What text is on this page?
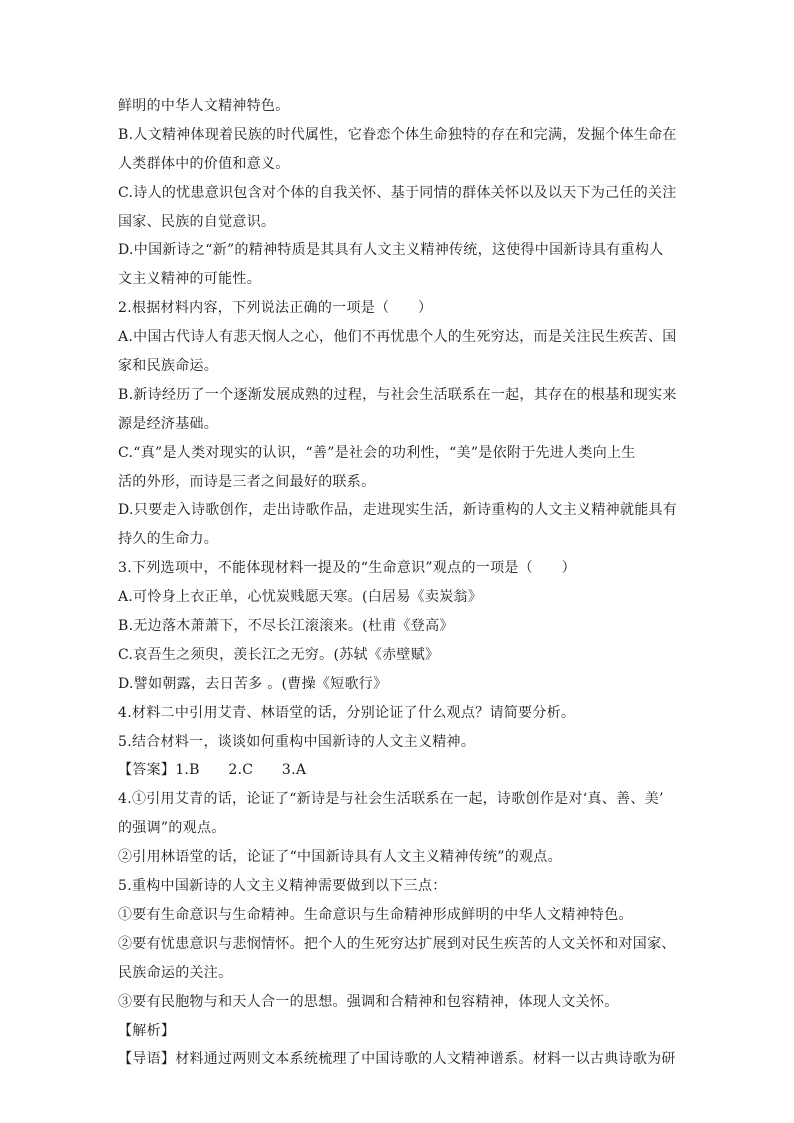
鲜明的中华人文精神特色。
B.人文精神体现着民族的时代属性，它眷恋个体生命独特的存在和完满，发掘个体生命在
人类群体中的价值和意义。
C.诗人的忧患意识包含对个体的自我关怀、基于同情的群体关怀以及以天下为己任的关注
国家、民族的自觉意识。
D.中国新诗之“新”的精神特质是其具有人文主义精神传统，这使得中国新诗具有重构人
文主义精神的可能性。
2.根据材料内容，下列说法正确的一项是（　　）
A.中国古代诗人有悲天悯人之心，他们不再忧患个人的生死穷达，而是关注民生疾苦、国
家和民族命运。
B.新诗经历了一个逐渐发展成熟的过程，与社会生活联系在一起，其存在的根基和现实来
源是经济基础。
C.“真”是人类对现实的认识，“善”是社会的功利性，“美”是依附于先进人类向上生
活的外形，而诗是三者之间最好的联系。
D.只要走入诗歌创作，走出诗歌作品，走进现实生活，新诗重构的人文主义精神就能具有
持久的生命力。
3.下列选项中，不能体现材料一提及的“生命意识”观点的一项是（　　）
A.可怜身上衣正单，心忧炭贱愿天寒。(白居易《卖炭翁》
B.无边落木萧萧下，不尽长江滚滚来。(杜甫《登高》
C.哀吾生之须臾，羡长江之无穷。(苏轼《赤壁赋》
D.譬如朝露，去日苦多 。(曹操《短歌行》
4.材料二中引用艾青、林语堂的话，分别论证了什么观点？请简要分析。
5.结合材料一，谈谈如何重构中国新诗的人文主义精神。
【答案】1.B　　2.C　　3.A
4.①引用艾青的话，论证了“新诗是与社会生活联系在一起，诗歌创作是对‘真、善、美’
的强调”的观点。
②引用林语堂的话，论证了“中国新诗具有人文主义精神传统”的观点。
5.重构中国新诗的人文主义精神需要做到以下三点：
①要有生命意识与生命精神。生命意识与生命精神形成鲜明的中华人文精神特色。
②要有忧患意识与悲悯情怀。把个人的生死穷达扩展到对民生疾苦的人文关怀和对国家、
民族命运的关注。
③要有民胞物与和天人合一的思想。强调和合精神和包容精神，体现人文关怀。
【解析】
【导语】材料通过两则文本系统梳理了中国诗歌的人文精神谱系。材料一以古典诗歌为研
